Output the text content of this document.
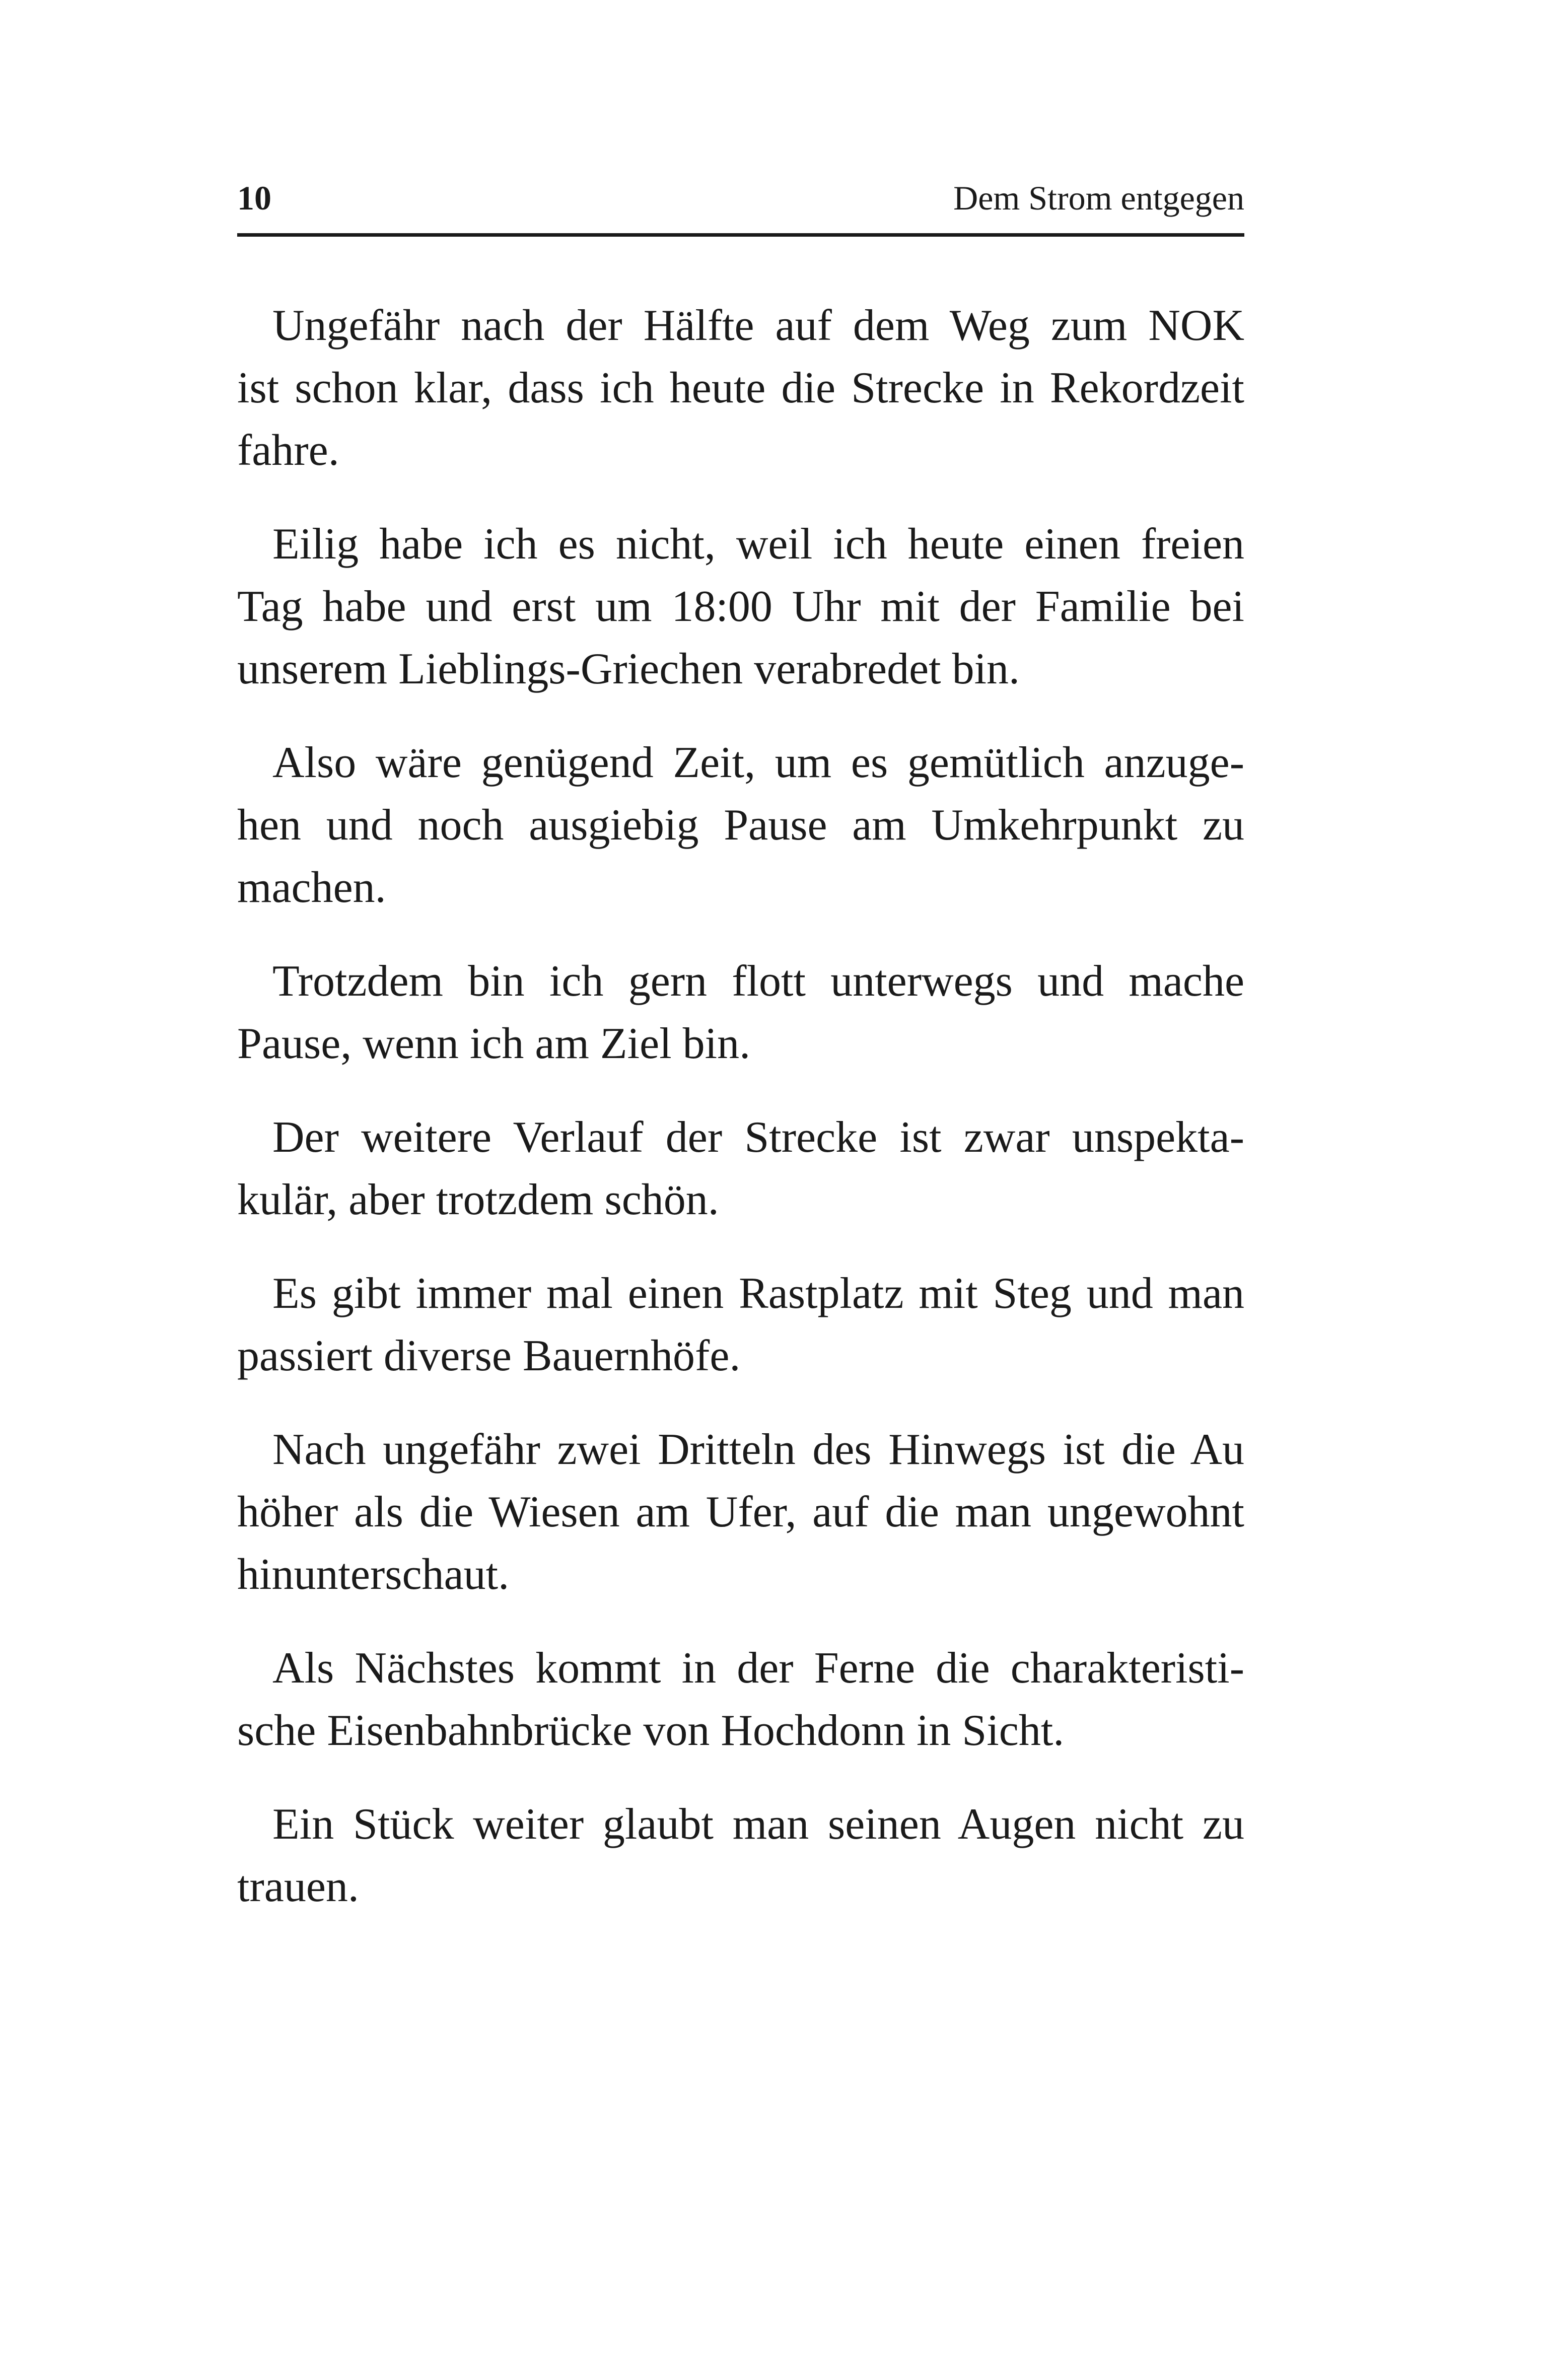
10	Dem Strom entgegen

Ungefähr nach der Hälfte auf dem Weg zum NOK
ist schon klar, dass ich heute die Strecke in Rekordzeit
fahre.

Eilig habe ich es nicht, weil ich heute einen freien
Tag habe und erst um 18:00 Uhr mit der Familie bei
unserem Lieblings-Griechen verabredet bin.

Also wäre genügend Zeit, um es gemütlich anzuge-
hen und noch ausgiebig Pause am Umkehrpunkt zu
machen.

Trotzdem bin ich gern flott unterwegs und mache
Pause, wenn ich am Ziel bin.

Der weitere Verlauf der Strecke ist zwar unspekta-
kulär, aber trotzdem schön.

Es gibt immer mal einen Rastplatz mit Steg und man
passiert diverse Bauernhöfe.

Nach ungefähr zwei Dritteln des Hinwegs ist die Au
höher als die Wiesen am Ufer, auf die man ungewohnt
hinunterschaut.

Als Nächstes kommt in der Ferne die charakteristi-
sche Eisenbahnbrücke von Hochdonn in Sicht.

Ein Stück weiter glaubt man seinen Augen nicht zu
trauen.
